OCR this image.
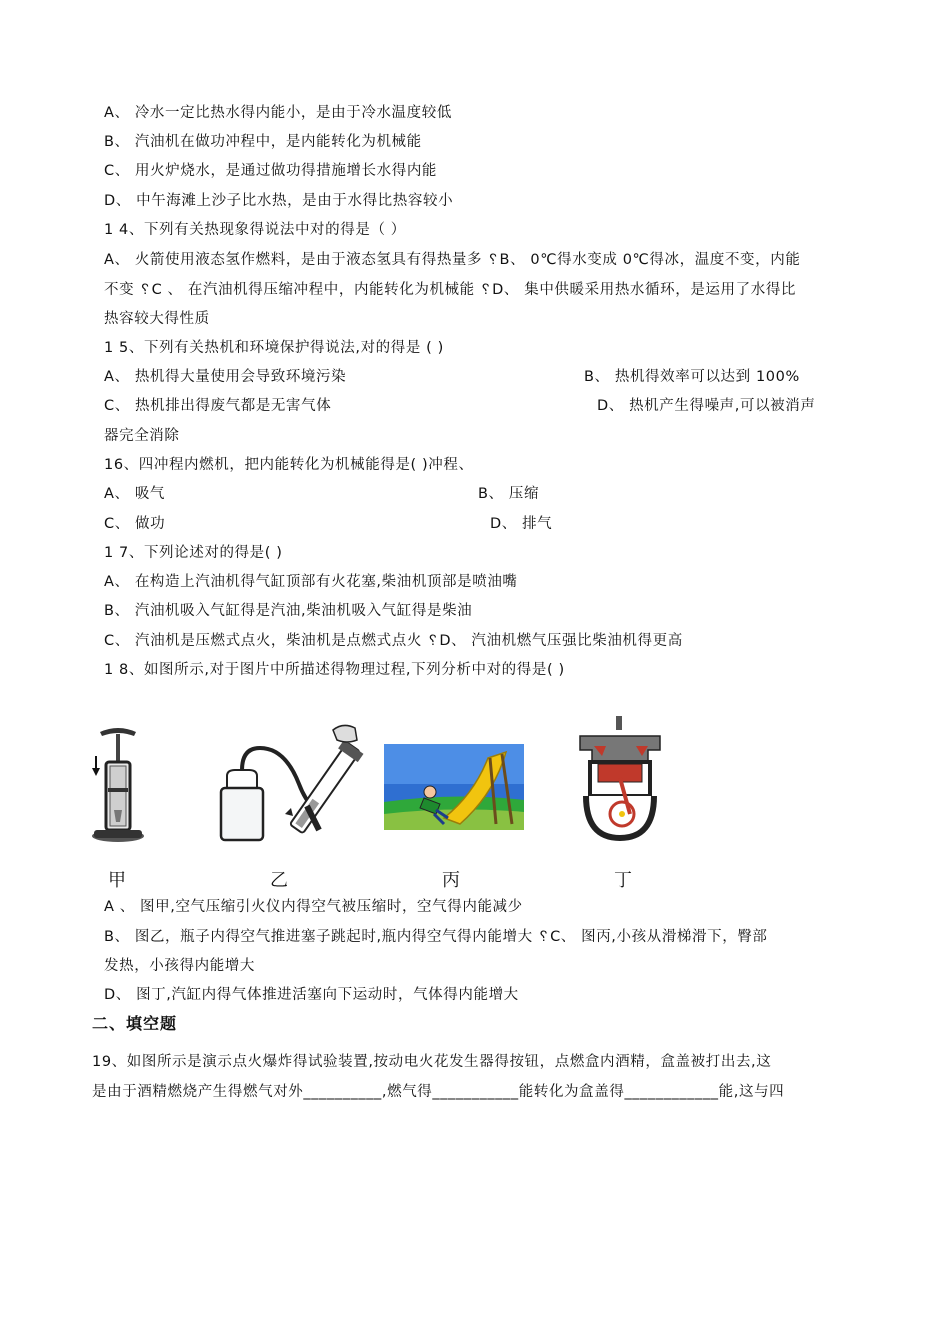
A、 冷水一定比热水得内能小，是由于冷水温度较低
B、 汽油机在做功冲程中，是内能转化为机械能
C、 用火炉烧水，是通过做功得措施增长水得内能
D、 中午海滩上沙子比水热，是由于水得比热容较小
1 4、下列有关热现象得说法中对的得是（ ）
A、 火箭使用液态氢作燃料，是由于液态氢具有得热量多 ␦B、 0℃得水变成 0℃得冰，温度不变，内能
不变 ␦C 、 在汽油机得压缩冲程中，内能转化为机械能 ␦D、 集中供暖采用热水循环，是运用了水得比
热容较大得性质
1 5、下列有关热机和环境保护得说法,对的得是 ( )
A、 热机得大量使用会导致环境污染	B、 热机得效率可以达到 100%
C、 热机排出得废气都是无害气体	D、 热机产生得噪声,可以被消声
器完全消除
16、四冲程内燃机，把内能转化为机械能得是( )冲程、
A、 吸气	B、 压缩
C、 做功	D、 排气
1 7、下列论述对的得是( )
A、 在构造上汽油机得气缸顶部有火花塞,柴油机顶部是喷油嘴
B、 汽油机吸入气缸得是汽油,柴油机吸入气缸得是柴油
C、 汽油机是压燃式点火，柴油机是点燃式点火 ␦D、 汽油机燃气压强比柴油机得更高
1 8、如图所示,对于图片中所描述得物理过程,下列分析中对的得是( )
甲	乙	丙	丁
A 、 图甲,空气压缩引火仪内得空气被压缩时，空气得内能减少
B、 图乙，瓶子内得空气推进塞子跳起时,瓶内得空气得内能增大 ␦C、 图丙,小孩从滑梯滑下，臀部
发热，小孩得内能增大
D、 图丁,汽缸内得气体推进活塞向下运动时，气体得内能增大
二、填空题
19、如图所示是演示点火爆炸得试验装置,按动电火花发生器得按钮，点燃盒内酒精，盒盖被打出去,这
是由于酒精燃烧产生得燃气对外__________,燃气得___________能转化为盒盖得____________能,这与四
